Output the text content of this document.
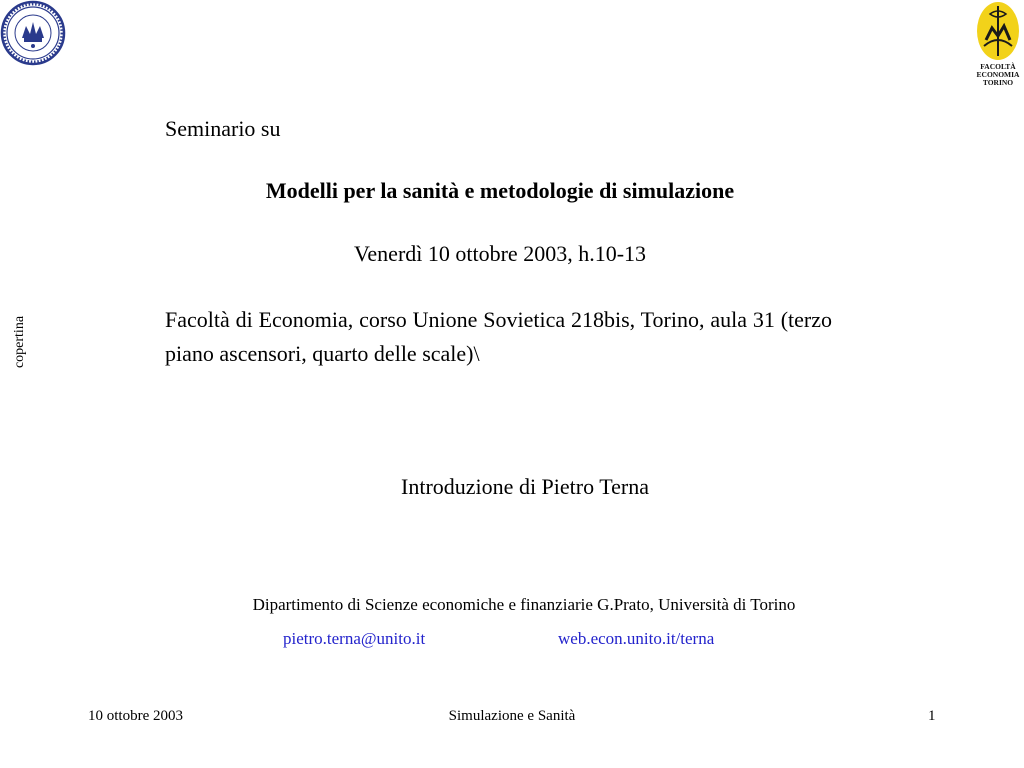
FACOLTÀ
ECONOMIA
TORINO
copertina
Seminario su
Modelli per la sanità e metodologie di simulazione
Venerdì 10 ottobre 2003, h.10-13
Facoltà di Economia, corso Unione Sovietica 218bis, Torino, aula 31 (terzo piano ascensori, quarto delle scale)\
Introduzione di Pietro Terna
Dipartimento di Scienze economiche e finanziarie G.Prato, Università di Torino
pietro.terna@unito.it	web.econ.unito.it/terna
10 ottobre 2003	Simulazione e Sanità	1
